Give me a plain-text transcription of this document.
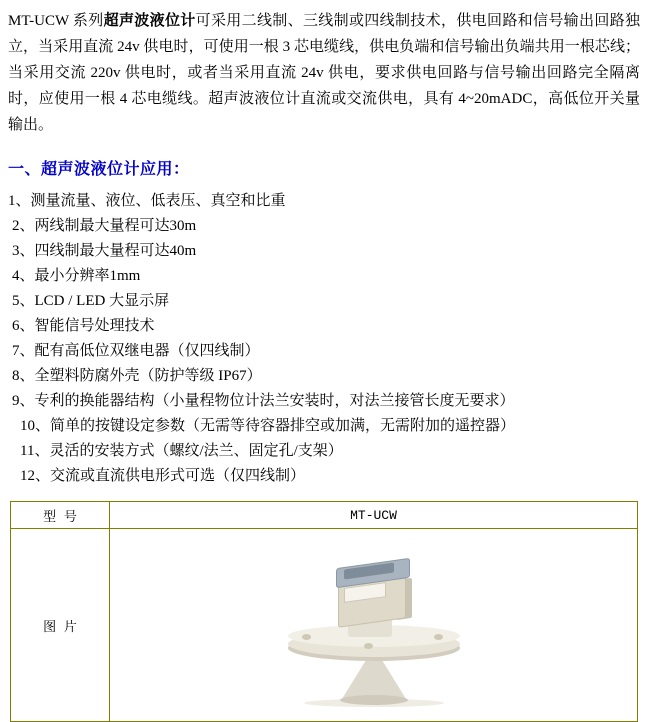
MT-UCW 系列超声波液位计可采用二线制、三线制或四线制技术，供电回路和信号输出回路独立，当采用直流 24v 供电时，可使用一根 3 芯电缆线，供电负端和信号输出负端共用一根芯线；当采用交流 220v 供电时，或者当采用直流 24v 供电，要求供电回路与信号输出回路完全隔离时，应使用一根 4 芯电缆线。超声波液位计直流或交流供电，具有 4~20mADC，高低位开关量输出。

一、超声波液位计应用：
1、测量流量、液位、低表压、真空和比重
2、两线制最大量程可达30m
3、四线制最大量程可达40m
4、最小分辨率1mm
5、LCD / LED 大显示屏
6、智能信号处理技术
7、配有高低位双继电器（仅四线制）
8、全塑料防腐外壳（防护等级 IP67）
9、专利的换能器结构（小量程物位计法兰安装时，对法兰接管长度无要求）
10、简单的按键设定参数（无需等待容器排空或加满，无需附加的遥控器）
11、灵活的安装方式（螺纹/法兰、固定孔/支架）
12、交流或直流供电形式可选（仅四线制）
型 号	MT-UCW
图 片	
